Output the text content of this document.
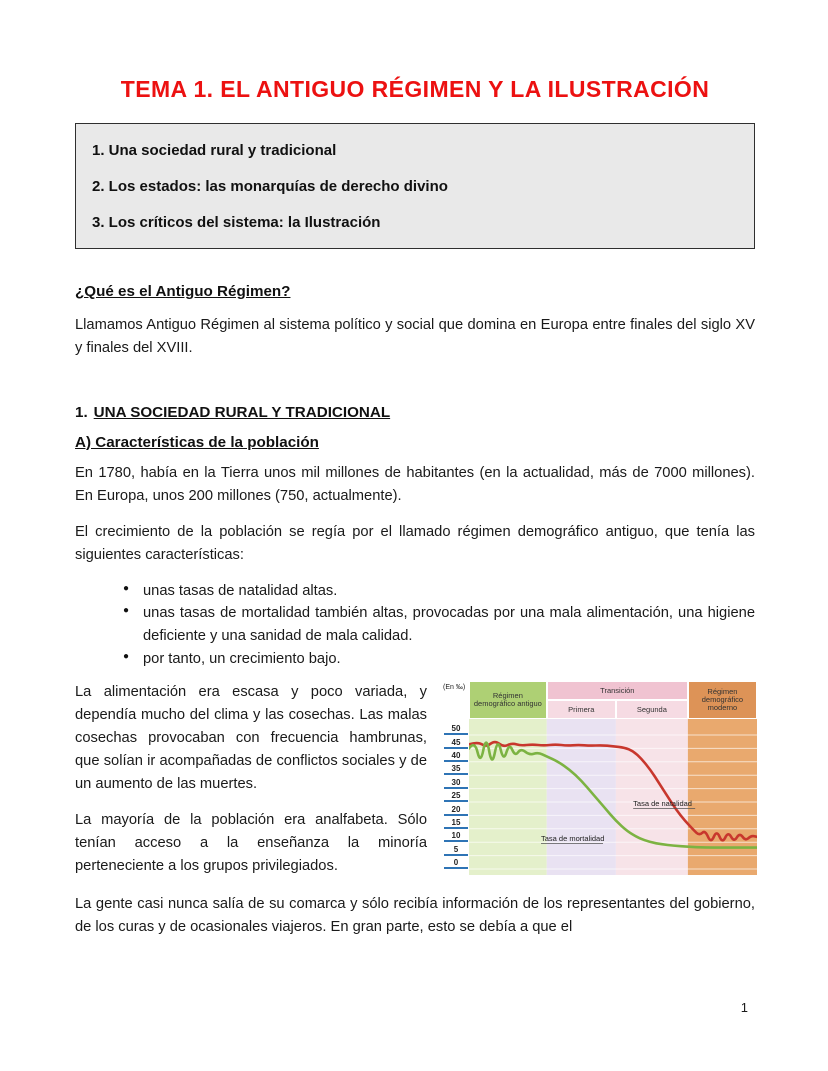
TEMA 1. EL ANTIGUO RÉGIMEN Y LA ILUSTRACIÓN
1. Una sociedad rural y tradicional
2. Los estados: las monarquías de derecho divino
3. Los críticos del sistema: la Ilustración
¿Qué es el Antiguo Régimen?

Llamamos Antiguo Régimen al sistema político y social que domina en Europa entre finales del siglo XV y finales del XVIII.

1. UNA SOCIEDAD RURAL Y TRADICIONAL
A) Características de la población

En 1780, había en la Tierra unos mil millones de habitantes (en la actualidad, más de 7000 millones). En Europa, unos 200 millones (750, actualmente).

El crecimiento de la población se regía por el llamado régimen demográfico antiguo, que tenía las siguientes características:

● unas tasas de natalidad altas.
● unas tasas de mortalidad también altas, provocadas por una mala alimentación, una higiene deficiente y una sanidad de mala calidad.
● por tanto, un crecimiento bajo.

La alimentación era escasa y poco variada, y dependía mucho del clima y las cosechas. Las malas cosechas provocaban con frecuencia hambrunas, que solían ir acompañadas de conflictos sociales y de un aumento de las muertes.

La mayoría de la población era analfabeta. Sólo tenían acceso a la enseñanza la minoría perteneciente a los grupos privilegiados.

(En ‰)
Régimen demográfico antiguo
Transición
Primera	Segunda
Régimen demográfico moderno
50
45
40
35
30
25
20
15
10
5
0
Tasa de natalidad
Tasa de mortalidad

La gente casi nunca salía de su comarca y sólo recibía información de los representantes del gobierno, de los curas y de ocasionales viajeros. En gran parte, esto se debía a que el

1
